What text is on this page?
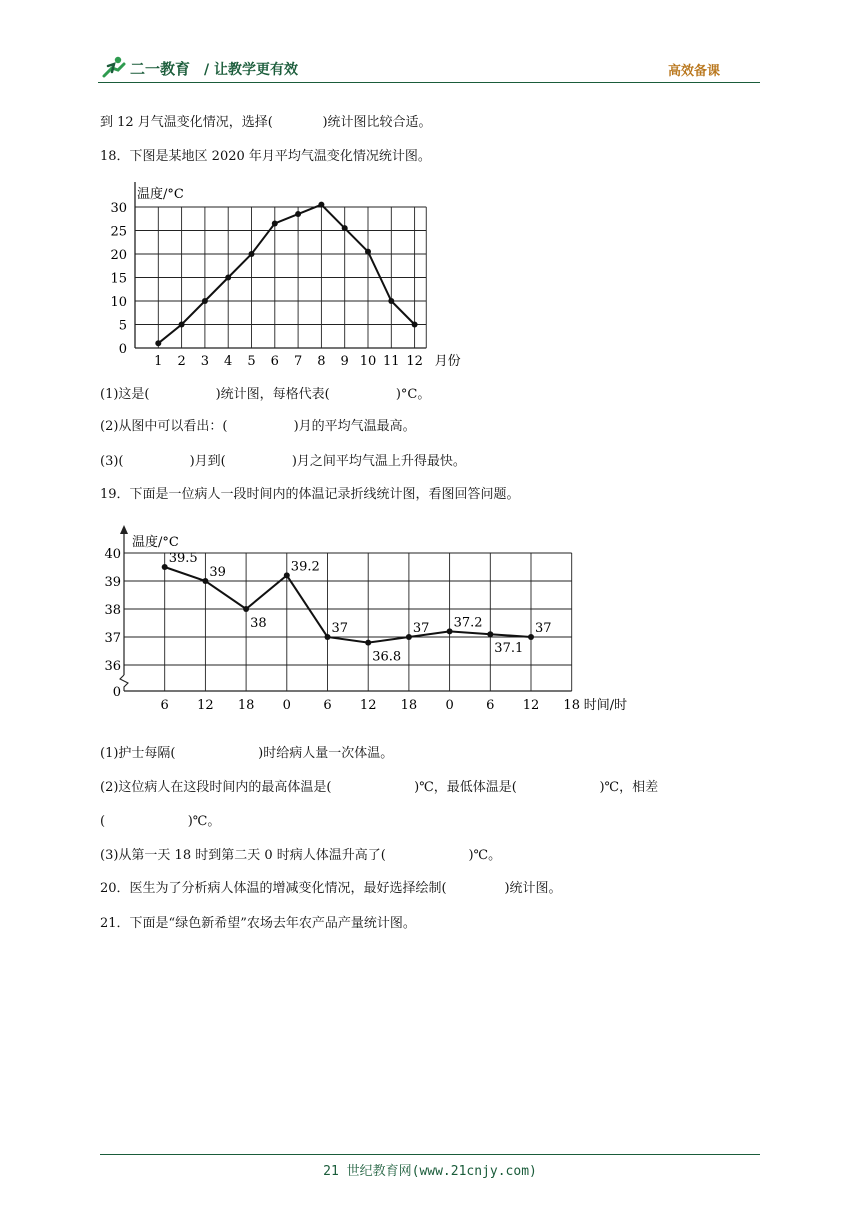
二一教育 / 让教学更有效	高效备课
到 12 月气温变化情况，选择(            )统计图比较合适。
18．下图是某地区 2020 年月平均气温变化情况统计图。
0
5
10
15
20
25
30
温度/°C
1 2 3 4 5 6 7 8 9 10 11 12 月份
(1)这是(                )统计图，每格代表(                )°C。
(2)从图中可以看出：(                )月的平均气温最高。
(3)(                )月到(                )月之间平均气温上升得最快。
19．下面是一位病人一段时间内的体温记录折线统计图，看图回答问题。
0
36
37
38
39
40
温度/°C
6 12 18 0 6 12 18 0 6 12 18 时间/时
39.5
39
38
39.2
37
36.8
37 37.2
37.1
37
(1)护士每隔(                    )时给病人量一次体温。
(2)这位病人在这段时间内的最高体温是(                    )℃，最低体温是(                    )℃，相差
(                    )℃。
(3)从第一天 18 时到第二天 0 时病人体温升高了(                    )℃。
20．医生为了分析病人体温的增减变化情况，最好选择绘制(              )统计图。
21．下面是“绿色新希望”农场去年农产品产量统计图。
21 世纪教育网(www.21cnjy.com)
